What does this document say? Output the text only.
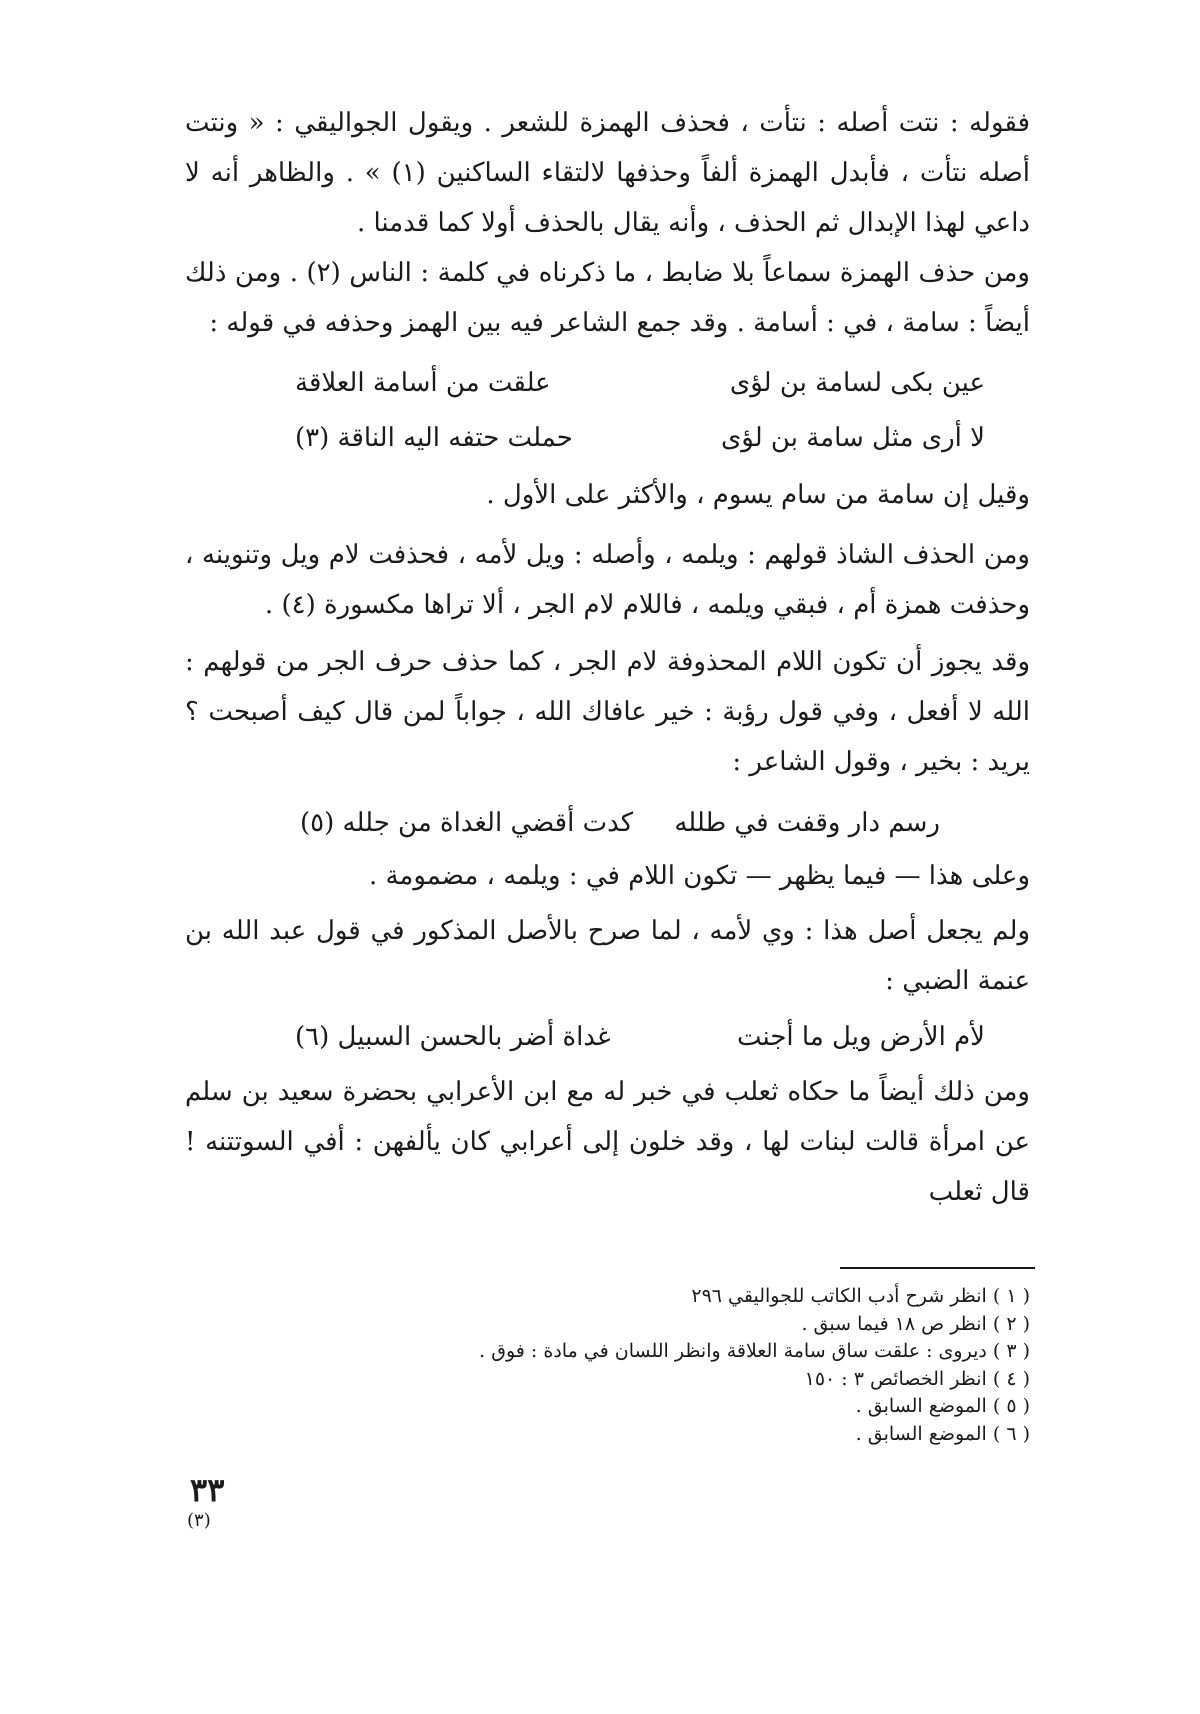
فقوله : نتت أصله : نتأت ، فحذف الهمزة للشعر . ويقول الجواليقي : « ونتت أصله نتأت ، فأبدل الهمزة ألفاً وحذفها لالتقاء الساكنين (١) » . والظاهر أنه لا داعي لهذا الإبدال ثم الحذف ، وأنه يقال بالحذف أولا كما قدمنا .

ومن حذف الهمزة سماعاً بلا ضابط ، ما ذكرناه في كلمة : الناس (٢) . ومن ذلك أيضاً : سامة ، في : أسامة . وقد جمع الشاعر فيه بين الهمز وحذفه في قوله :

عين بكى لسامة بن لؤى
علقت من أسامة العلاقة
لا أرى مثل سامة بن لؤى
حملت حتفه اليه الناقة (٣)

وقيل إن سامة من سام يسوم ، والأكثر على الأول .

ومن الحذف الشاذ قولهم : ويلمه ، وأصله : ويل لأمه ، فحذفت لام ويل وتنوينه ، وحذفت همزة أم ، فبقي ويلمه ، فاللام لام الجر ، ألا تراها مكسورة (٤) .

وقد يجوز أن تكون اللام المحذوفة لام الجر ، كما حذف حرف الجر من قولهم : الله لا أفعل ، وفي قول رؤبة : خير عافاك الله ، جواباً لمن قال كيف أصبحت ؟ يريد : بخير ، وقول الشاعر :

رسم دار وقفت في طلله
كدت أقضي الغداة من جلله (٥)

وعلى هذا — فيما يظهر — تكون اللام في : ويلمه ، مضمومة .

ولم يجعل أصل هذا : وي لأمه ، لما صرح بالأصل المذكور في قول عبد الله بن عنمة الضبي :

لأم الأرض ويل ما أجنت
غداة أضر بالحسن السبيل (٦)

ومن ذلك أيضاً ما حكاه ثعلب في خبر له مع ابن الأعرابي بحضرة سعيد بن سلم عن امرأة قالت لبنات لها ، وقد خلون إلى أعرابي كان يألفهن : أفي السوتتنه ! قال ثعلب

( ١ ) انظر شرح أدب الكاتب للجواليقي ٢٩٦
( ٢ ) انظر ص ١٨ فيما سبق .
( ٣ ) ديروى : علقت ساق سامة العلاقة وانظر اللسان في مادة : فوق .
( ٤ ) انظر الخصائص ٣ : ١٥٠
( ٥ ) الموضع السابق .
( ٦ ) الموضع السابق .
٣٣
(٣)
